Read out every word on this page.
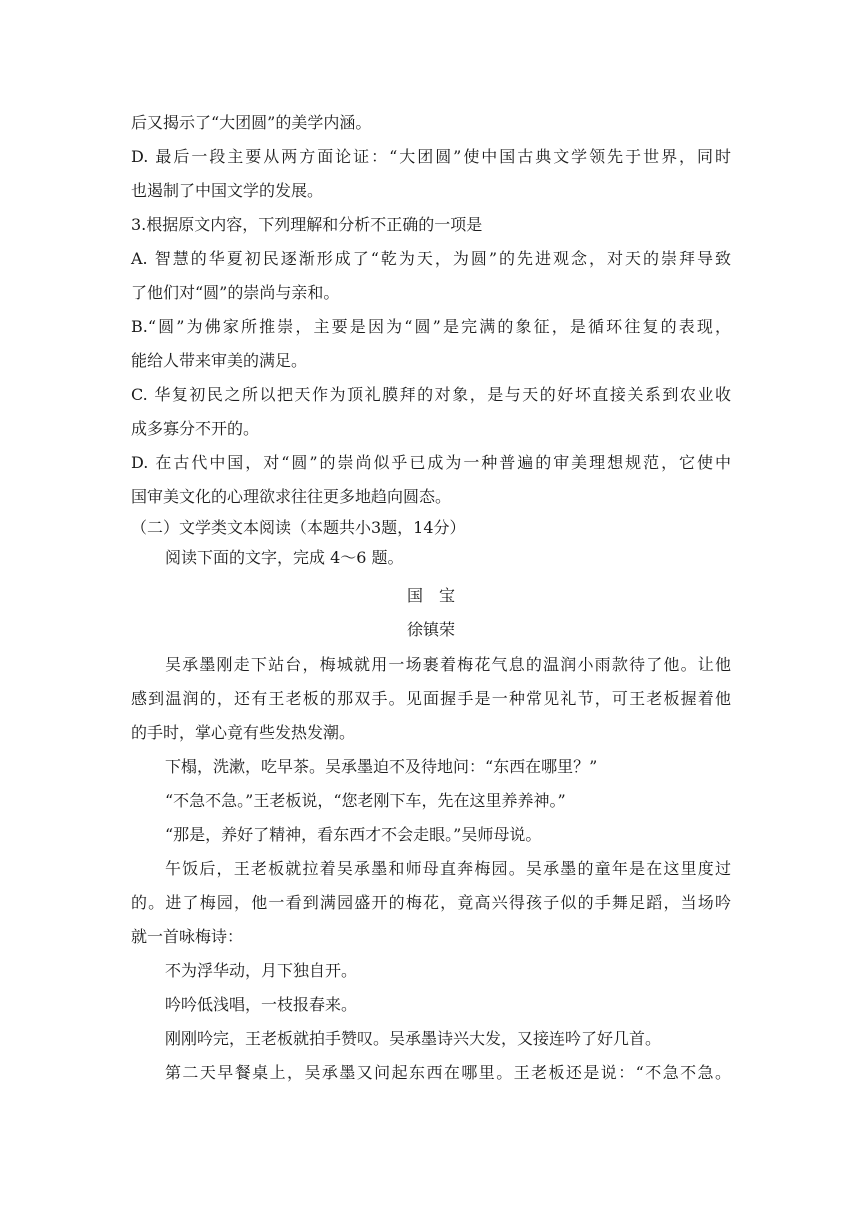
后又揭示了“大团圆”的美学内涵。
D. 最后一段主要从两方面论证：“大团圆”使中国古典文学领先于世界，同时
也遏制了中国文学的发展。
3.根据原文内容，下列理解和分析不正确的一项是
A. 智慧的华夏初民逐渐形成了“乾为天，为圆”的先进观念，对天的崇拜导致
了他们对“圆”的崇尚与亲和。
B.“圆”为佛家所推崇，主要是因为“圆”是完满的象征，是循环往复的表现，
能给人带来审美的满足。
C. 华复初民之所以把天作为顶礼膜拜的对象，是与天的好坏直接关系到农业收
成多寡分不开的。
D. 在古代中国，对“圆”的崇尚似乎已成为一种普遍的审美理想规范，它使中
国审美文化的心理欲求往往更多地趋向圆态。
（二）文学类文本阅读（本题共小3题，14分）
阅读下面的文字，完成 4～6 题。
国　宝
徐镇荣
吴承墨刚走下站台，梅城就用一场裹着梅花气息的温润小雨款待了他。让他
感到温润的，还有王老板的那双手。见面握手是一种常见礼节，可王老板握着他
的手时，掌心竟有些发热发潮。
下榻，洗漱，吃早茶。吴承墨迫不及待地问：“东西在哪里？”
“不急不急。”王老板说，“您老刚下车，先在这里养养神。”
“那是，养好了精神，看东西才不会走眼。”吴师母说。
午饭后，王老板就拉着吴承墨和师母直奔梅园。吴承墨的童年是在这里度过
的。进了梅园，他一看到满园盛开的梅花，竟高兴得孩子似的手舞足蹈，当场吟
就一首咏梅诗：
不为浮华动，月下独自开。
吟吟低浅唱，一枝报春来。
刚刚吟完，王老板就拍手赞叹。吴承墨诗兴大发，又接连吟了好几首。
第二天早餐桌上，吴承墨又问起东西在哪里。王老板还是说：“不急不急。
